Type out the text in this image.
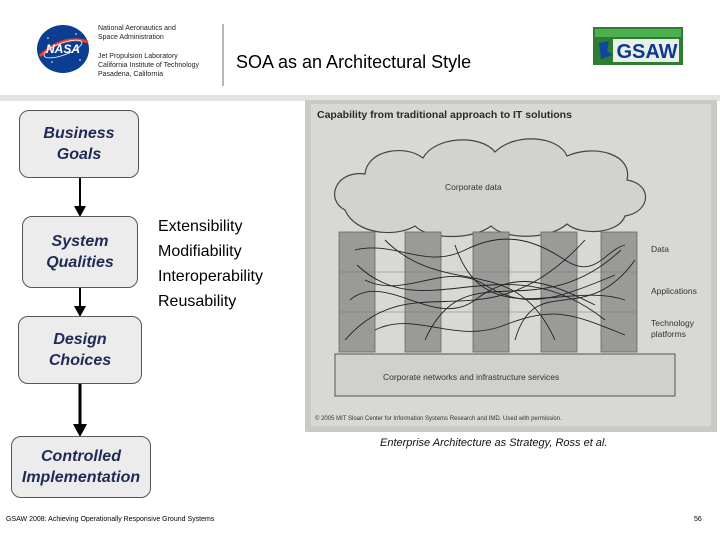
NASA
National Aeronautics and
Space Administration
Jet Propulsion Laboratory
California Institute of Technology
Pasadena, California
SOA as an Architectural Style	GSAW
Business
Goals
System
Qualities
Design
Choices
Controlled
Implementation
Extensibility
Modifiability
Interoperability
Reusability
Capability from traditional approach to IT solutions
Corporate data
Data
Applications
Technology
platforms
Corporate networks and infrastructure services
© 2005 MIT Sloan Center for Information Systems Research and IMD. Used with permission.
Enterprise Architecture as Strategy, Ross et al.
GSAW 2008: Achieving Operationally Responsive Ground Systems	56
